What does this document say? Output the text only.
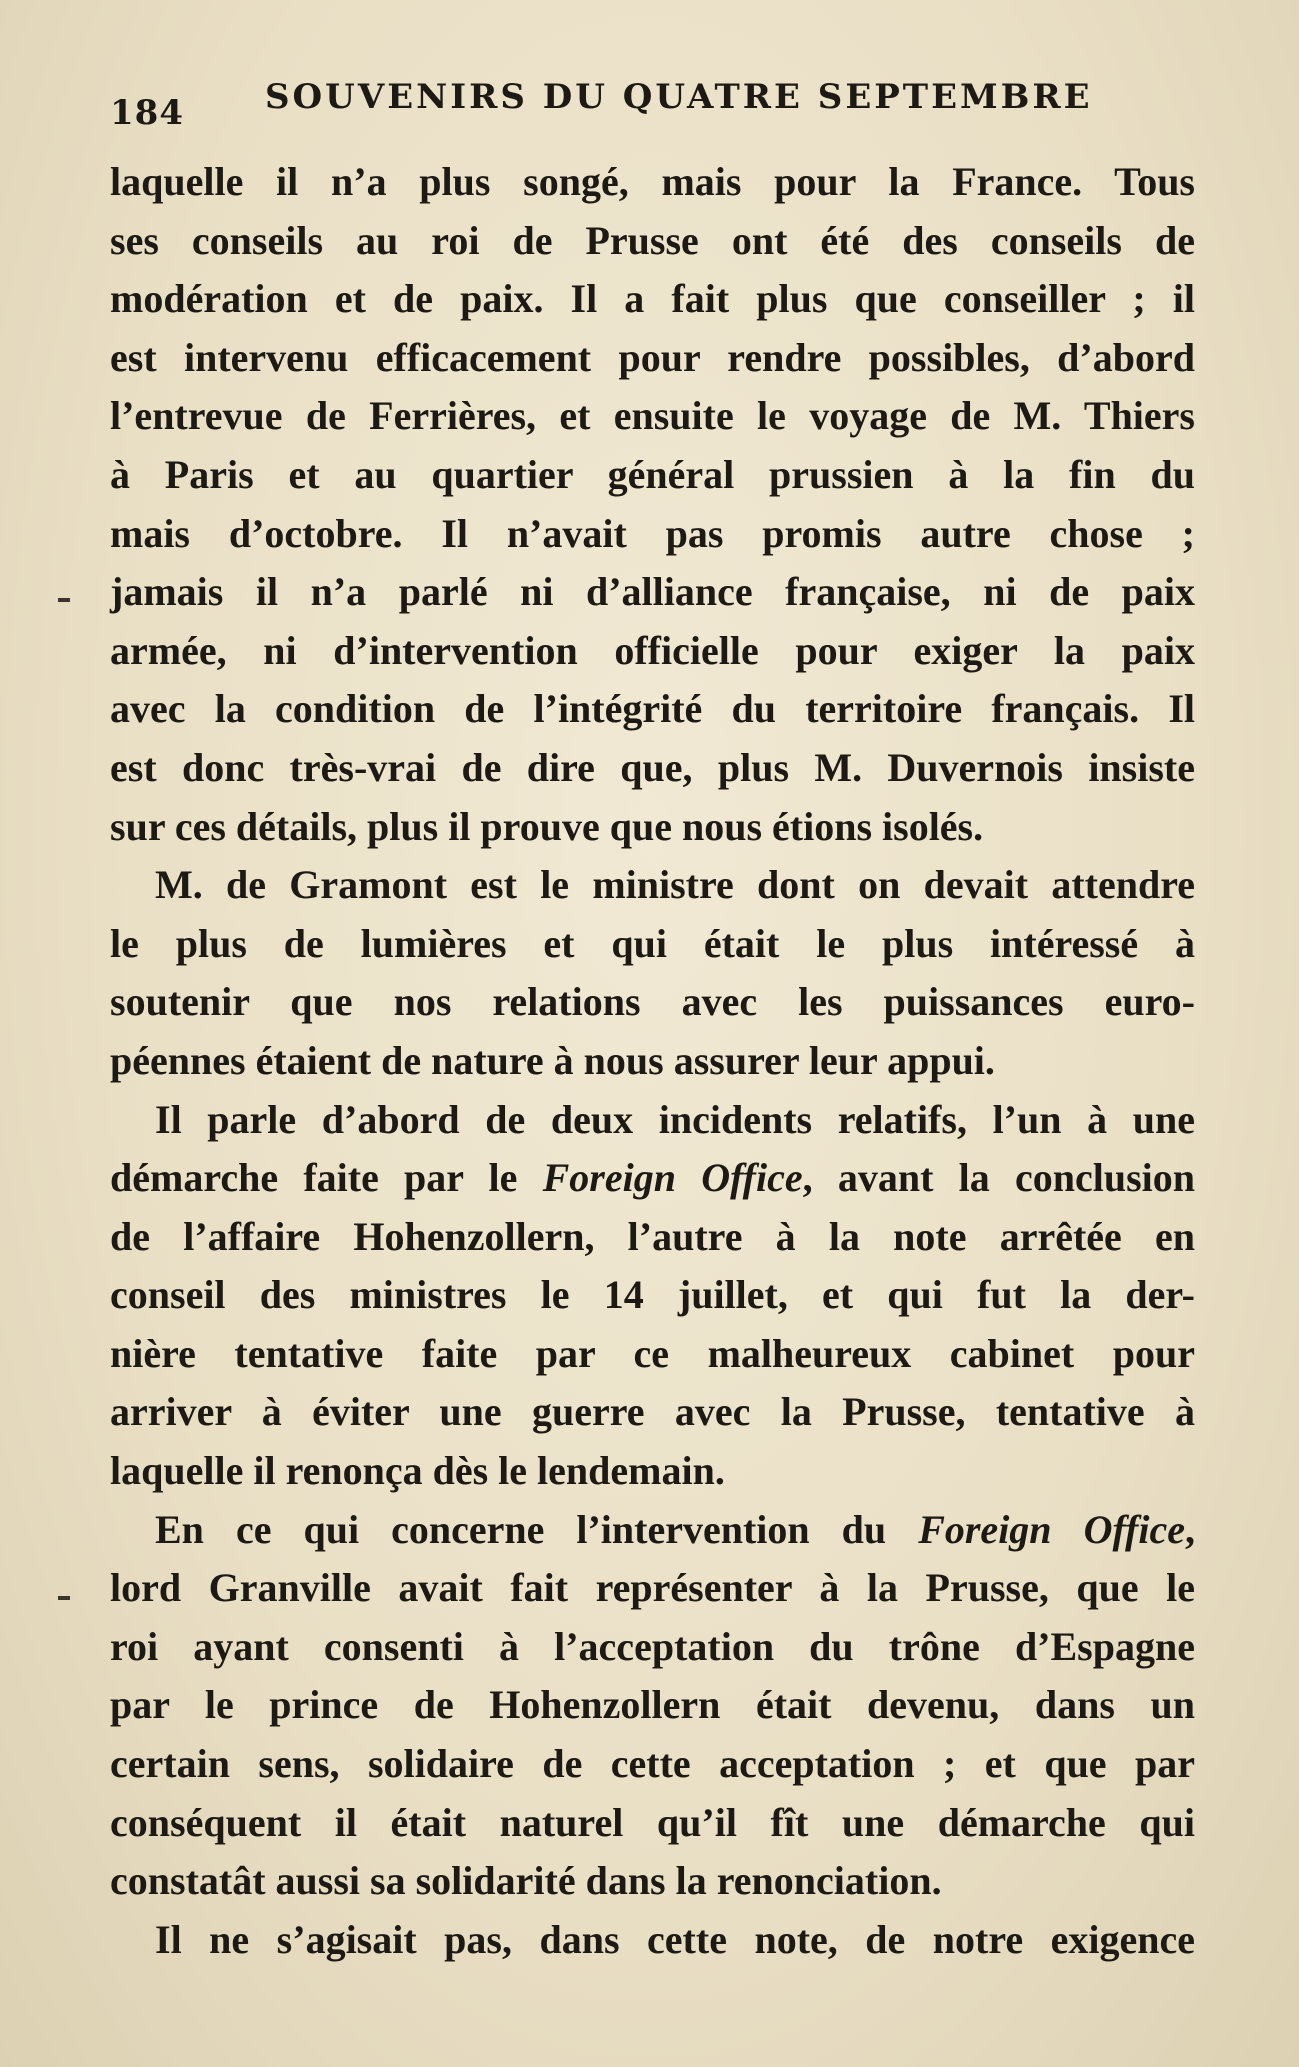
184 SOUVENIRS DU QUATRE SEPTEMBRE
laquelle il n’a plus songé, mais pour la France. Tous
ses conseils au roi de Prusse ont été des conseils de
modération et de paix. Il a fait plus que conseiller ; il
est intervenu efficacement pour rendre possibles, d’abord
l’entrevue de Ferrières, et ensuite le voyage de M. Thiers
à Paris et au quartier général prussien à la fin du
mais d’octobre. Il n’avait pas promis autre chose ;
jamais il n’a parlé ni d’alliance française, ni de paix
armée, ni d’intervention officielle pour exiger la paix
avec la condition de l’intégrité du territoire français. Il
est donc très-vrai de dire que, plus M. Duvernois insiste
sur ces détails, plus il prouve que nous étions isolés.
M. de Gramont est le ministre dont on devait attendre
le plus de lumières et qui était le plus intéressé à
soutenir que nos relations avec les puissances euro-
péennes étaient de nature à nous assurer leur appui.
Il parle d’abord de deux incidents relatifs, l’un à une
démarche faite par le Foreign Office, avant la conclusion
de l’affaire Hohenzollern, l’autre à la note arrêtée en
conseil des ministres le 14 juillet, et qui fut la der-
nière tentative faite par ce malheureux cabinet pour
arriver à éviter une guerre avec la Prusse, tentative à
laquelle il renonça dès le lendemain.
En ce qui concerne l’intervention du Foreign Office,
lord Granville avait fait représenter à la Prusse, que le
roi ayant consenti à l’acceptation du trône d’Espagne
par le prince de Hohenzollern était devenu, dans un
certain sens, solidaire de cette acceptation ; et que par
conséquent il était naturel qu’il fît une démarche qui
constatât aussi sa solidarité dans la renonciation.
Il ne s’agisait pas, dans cette note, de notre exigence
